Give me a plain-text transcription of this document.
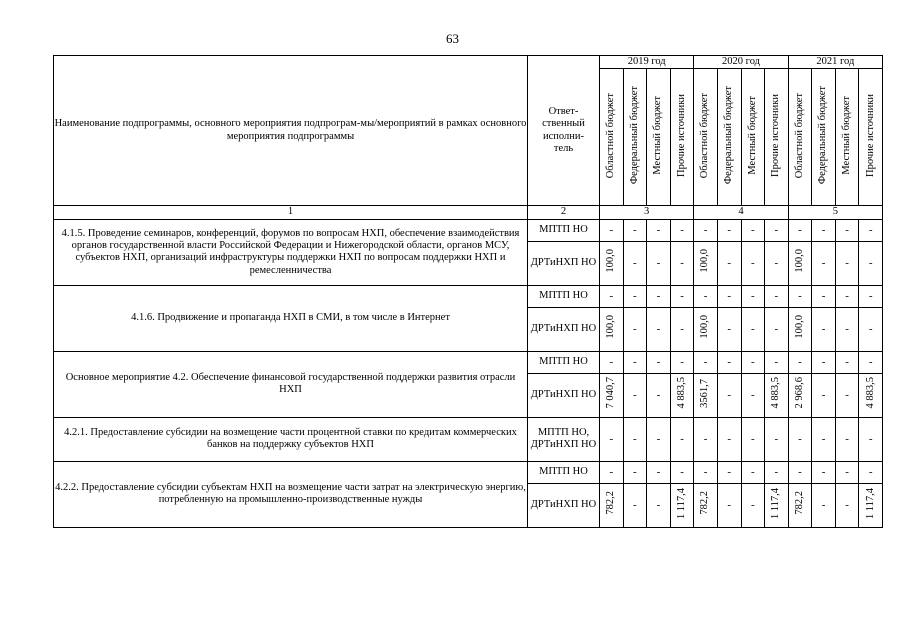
63
Наименование подпрограммы, основного мероприятия подпрограм-мы/мероприятий в рамках основного мероприятия подпрограммы	Ответ-ственный исполни-тель	2019 год				2020 год				2021 год			
		Областной бюджет	Федеральный бюджет	Местный бюджет	Прочие источники	Областной бюджет	Федеральный бюджет	Местный бюджет	Прочие источники	Областной бюджет	Федеральный бюджет	Местный бюджет	Прочие источники
1	2	3				4				5			
4.1.5. Проведение семинаров, конференций, форумов по вопросам НХП, обеспечение взаимодействия органов государственной власти Российской Федерации и Нижегородской области, органов МСУ, субъектов НХП, организаций инфраструктуры поддержки НХП по вопросам поддержки НХП и ремесленничества	МПТП НО	-	-	-	-	-	-	-	-	-	-	-	-
	ДРТиНХП НО	100,0	-	-	-	100,0	-	-	-	100,0	-	-	-
4.1.6. Продвижение и пропаганда НХП в СМИ, в том числе в Интернет	МПТП НО	-	-	-	-	-	-	-	-	-	-	-	-
	ДРТиНХП НО	100,0	-	-	-	100,0	-	-	-	100,0	-	-	-
Основное мероприятие 4.2. Обеспечение финансовой государственной поддержки развития отрасли НХП	МПТП НО	-	-	-	-	-	-	-	-	-	-	-	-
	ДРТиНХП НО	7 040,7	-	-	4 883,5	3561,7	-	-	4 883,5	2 968,6	-	-	4 883,5
4.2.1. Предоставление субсидии на возмещение части процентной ставки по кредитам коммерческих банков на поддержку субъектов НХП	МПТП НО, ДРТиНХП НО	-	-	-	-	-	-	-	-	-	-	-	-
4.2.2. Предоставление субсидии субъектам НХП на возмещение части затрат на электрическую энергию, потребленную на промышленно-производственные нужды	МПТП НО	-	-	-	-	-	-	-	-	-	-	-	-
	ДРТиНХП НО	782,2	-	-	1 117,4	782,2	-	-	1 117,4	782,2	-	-	1 117,4
